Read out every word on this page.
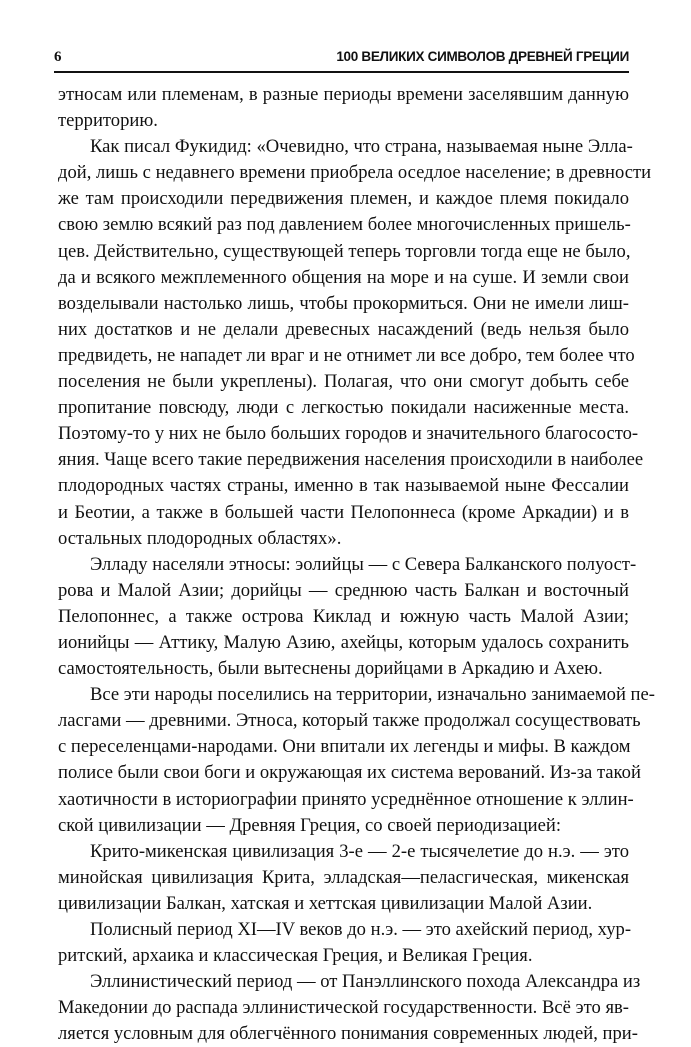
6	100 ВЕЛИКИХ СИМВОЛОВ ДРЕВНЕЙ ГРЕЦИИ
этносам или племенам, в разные периоды времени заселявшим данную
территорию.
Как писал Фукидид: «Очевидно, что страна, называемая ныне Элла-
дой, лишь с недавнего времени приобрела оседлое население; в древности
же там происходили передвижения племен, и каждое племя покидало
свою землю всякий раз под давлением более многочисленных пришель-
цев. Действительно, существующей теперь торговли тогда еще не было,
да и всякого межплеменного общения на море и на суше. И земли свои
возделывали настолько лишь, чтобы прокормиться. Они не имели лиш-
них достатков и не делали древесных насаждений (ведь нельзя было
предвидеть, не нападет ли враг и не отнимет ли все добро, тем более что
поселения не были укреплены). Полагая, что они смогут добыть себе
пропитание повсюду, люди с легкостью покидали насиженные места.
Поэтому-то у них не было больших городов и значительного благососто-
яния. Чаще всего такие передвижения населения происходили в наиболее
плодородных частях страны, именно в так называемой ныне Фессалии
и Беотии, а также в большей части Пелопоннеса (кроме Аркадии) и в
остальных плодородных областях».
Элладу населяли этносы: эолийцы — с Севера Балканского полуост-
рова и Малой Азии; дорийцы — среднюю часть Балкан и восточный
Пелопоннес, а также острова Киклад и южную часть Малой Азии;
ионийцы — Аттику, Малую Азию, ахейцы, которым удалось сохранить
самостоятельность, были вытеснены дорийцами в Аркадию и Ахею.
Все эти народы поселились на территории, изначально занимаемой пе-
ласгами — древними. Этноса, который также продолжал сосуществовать
с переселенцами-народами. Они впитали их легенды и мифы. В каждом
полисе были свои боги и окружающая их система верований. Из-за такой
хаотичности в историографии принято усреднённое отношение к эллин-
ской цивилизации — Древняя Греция, со своей периодизацией:
Крито-микенская цивилизация 3-е — 2-е тысячелетие до н.э. — это
минойская цивилизация Крита, элладская—пеласгическая, микенская
цивилизации Балкан, хатская и хеттская цивилизации Малой Азии.
Полисный период XI—IV веков до н.э. — это ахейский период, хур-
ритский, архаика и классическая Греция, и Великая Греция.
Эллинистический период — от Панэллинского похода Александра из
Македонии до распада эллинистической государственности. Всё это яв-
ляется условным для облегчённого понимания современных людей, при-
